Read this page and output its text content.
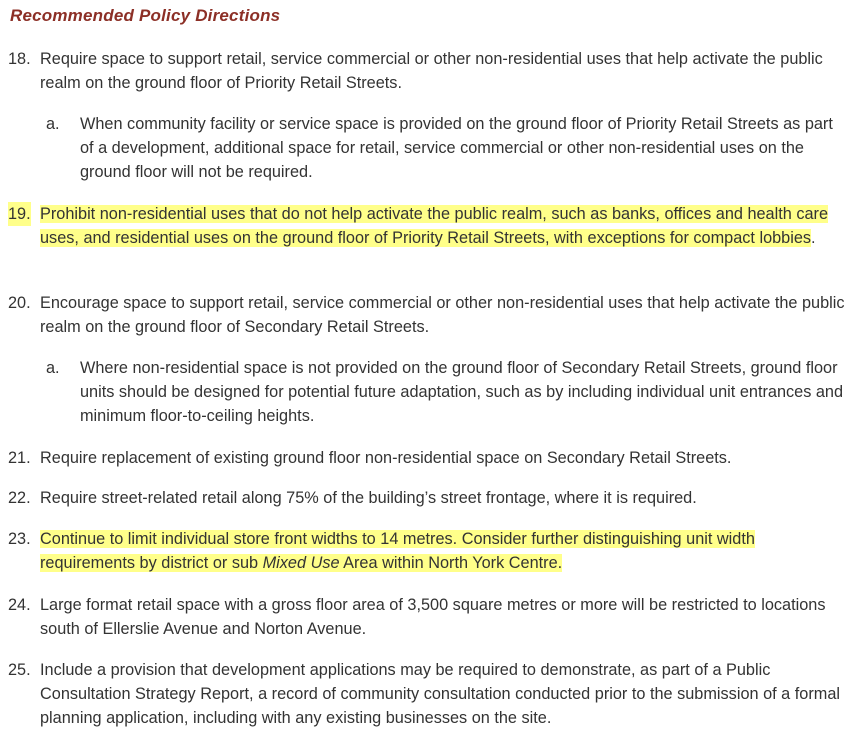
Recommended Policy Directions
18. Require space to support retail, service commercial or other non-residential uses that help activate the public realm on the ground floor of Priority Retail Streets.
a. When community facility or service space is provided on the ground floor of Priority Retail Streets as part of a development, additional space for retail, service commercial or other non-residential uses on the ground floor will not be required.
19. Prohibit non-residential uses that do not help activate the public realm, such as banks, offices and health care uses, and residential uses on the ground floor of Priority Retail Streets, with exceptions for compact lobbies.
20. Encourage space to support retail, service commercial or other non-residential uses that help activate the public realm on the ground floor of Secondary Retail Streets.
a. Where non-residential space is not provided on the ground floor of Secondary Retail Streets, ground floor units should be designed for potential future adaptation, such as by including individual unit entrances and minimum floor-to-ceiling heights.
21. Require replacement of existing ground floor non-residential space on Secondary Retail Streets.
22. Require street-related retail along 75% of the building’s street frontage, where it is required.
23. Continue to limit individual store front widths to 14 metres. Consider further distinguishing unit width requirements by district or sub Mixed Use Area within North York Centre.
24. Large format retail space with a gross floor area of 3,500 square metres or more will be restricted to locations south of Ellerslie Avenue and Norton Avenue.
25. Include a provision that development applications may be required to demonstrate, as part of a Public Consultation Strategy Report, a record of community consultation conducted prior to the submission of a formal planning application, including with any existing businesses on the site.
